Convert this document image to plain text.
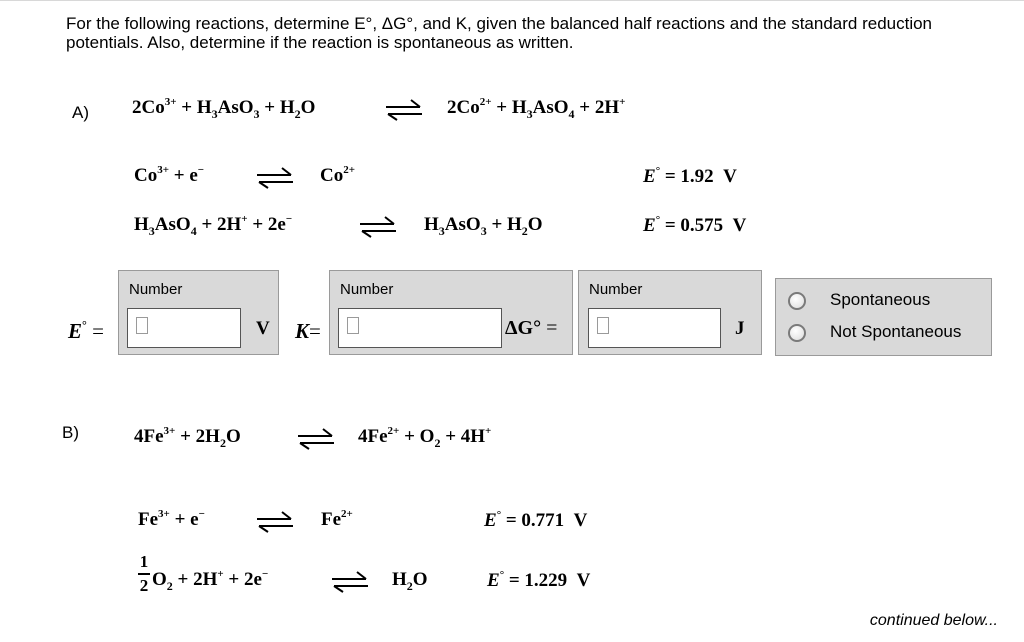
For the following reactions, determine E°, ΔG°, and K, given the balanced half reactions and the standard reduction potentials. Also, determine if the reaction is spontaneous as written.
A) $2Co^{3+} + H_3AsO_3 + H_2O$	⇌ $2Co^{2+} + H_3AsO_4 + 2H^+$
$Co^{3+} + e^-$	$Co^{2+}$	E° = 1.92 V
$H_3AsO_4 + 2H^+ + 2e^-$	$H_3AsO_3 + H_2O$	E° = 0.575 V
E° =
Number
V K=
Number
ΔG° =
Number
J
Spontaneous
Not Spontaneous
B)	$4Fe^{3+} + 2H_2O$	⇌ $4Fe^{2+} + O_2 + 4H^+$
$Fe^{3+} + e^-$	$Fe^{2+}$	E° = 0.771 V
1
2 $O_2 + 2H^+ + 2e^-$	⇌ $H_2O$	E° = 1.229 V
continued below...
